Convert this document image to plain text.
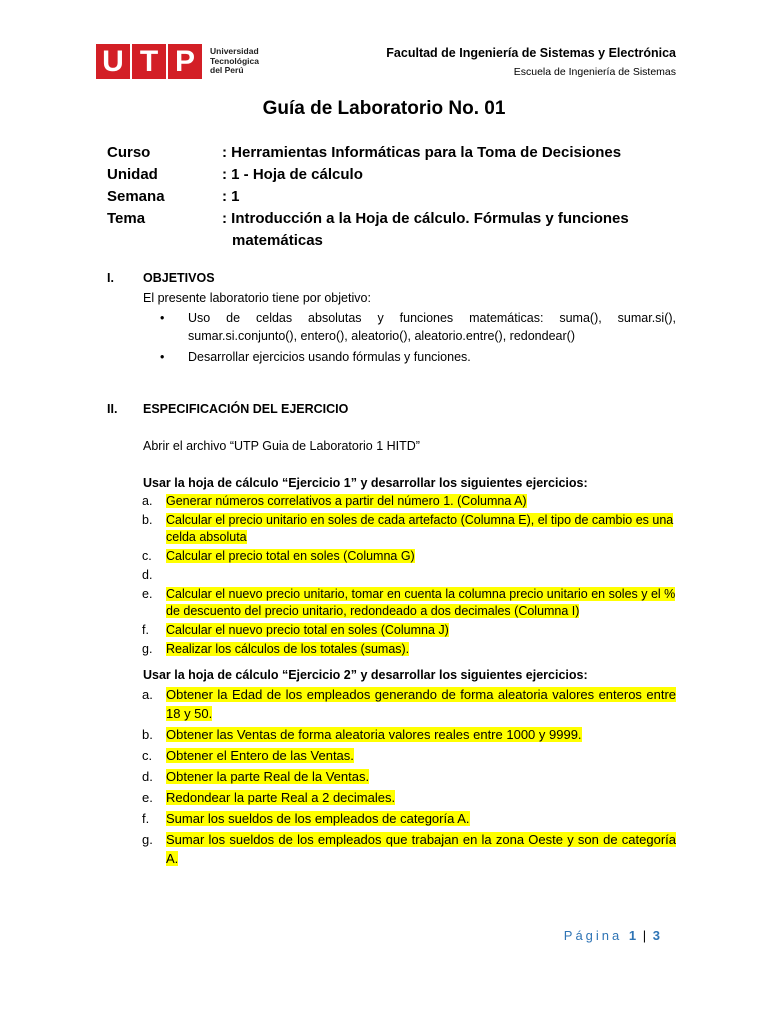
U T P	Universidad
Tecnológica
del Perú
Facultad de Ingeniería de Sistemas y Electrónica
Escuela de Ingeniería de Sistemas
Guía de Laboratorio No. 01
Curso	: Herramientas Informáticas para la Toma de Decisiones
Unidad	: 1 - Hoja de cálculo
Semana	: 1
Tema	: Introducción a la Hoja de cálculo. Fórmulas y funciones
matemáticas
I. OBJETIVOS
El presente laboratorio tiene por objetivo:
•	Uso de celdas absolutas y funciones matemáticas: suma(), sumar.si(), sumar.si.conjunto(), entero(), aleatorio(), aleatorio.entre(), redondear()
•	Desarrollar ejercicios usando fórmulas y funciones.
II. ESPECIFICACIÓN DEL EJERCICIO
Abrir el archivo “UTP Guia de Laboratorio 1 HITD”
Usar la hoja de cálculo “Ejercicio 1” y desarrollar los siguientes ejercicios:
a.	Generar números correlativos a partir del número 1. (Columna A)
b.	Calcular el precio unitario en soles de cada artefacto (Columna E), el tipo de cambio es una celda absoluta
c.	Calcular el precio total en soles (Columna G)
d.
e.	Calcular el nuevo precio unitario, tomar en cuenta la columna precio unitario en soles y el % de descuento del precio unitario, redondeado a dos decimales (Columna I)
f.	Calcular el nuevo precio total en soles (Columna J)
g.	Realizar los cálculos de los totales (sumas).
Usar la hoja de cálculo “Ejercicio 2” y desarrollar los siguientes ejercicios:
a.	Obtener la Edad de los empleados generando de forma aleatoria valores enteros entre 18 y 50.
b.	Obtener las Ventas de forma aleatoria valores reales entre 1000 y 9999.
c.	Obtener el Entero de las Ventas.
d.	Obtener la parte Real de la Ventas.
e.	Redondear la parte Real a 2 decimales.
f.	Sumar los sueldos de los empleados de categoría A.
g.	Sumar los sueldos de los empleados que trabajan en la zona Oeste y son de categoría A.
Página 1 | 3
